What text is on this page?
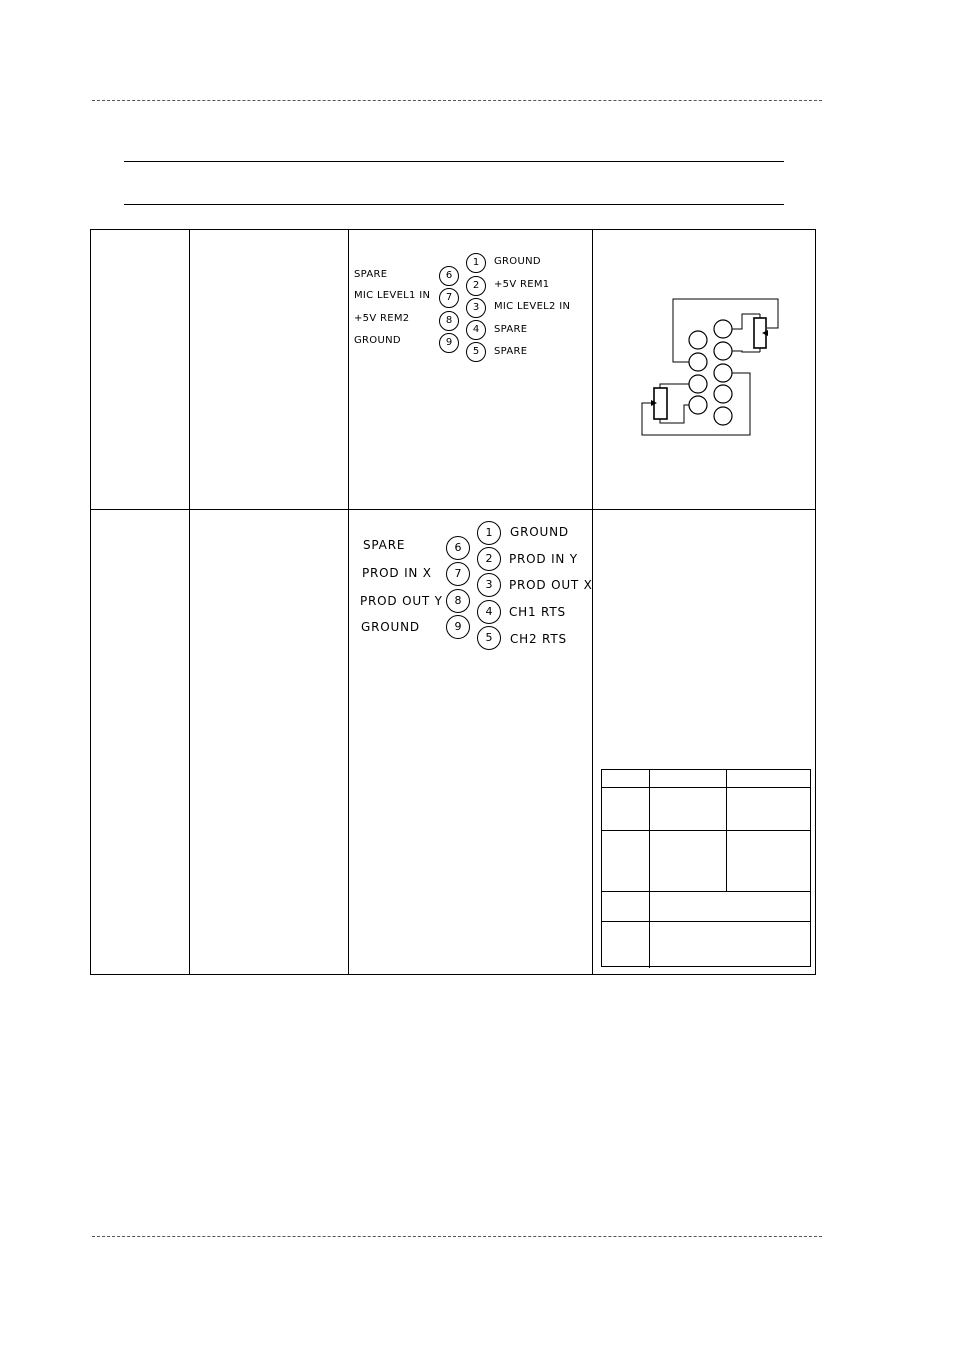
SPARE
MIC LEVEL1 IN
+5V REM2
GROUND
6
7
8
9
1
2
3
4
5
GROUND
+5V REM1
MIC LEVEL2 IN
SPARE
SPARE
SPARE
PROD IN X
PROD OUT Y
GROUND
6
7
8
9
1
2
3
4
5
GROUND
PROD IN Y
PROD OUT X
CH1 RTS
CH2 RTS
